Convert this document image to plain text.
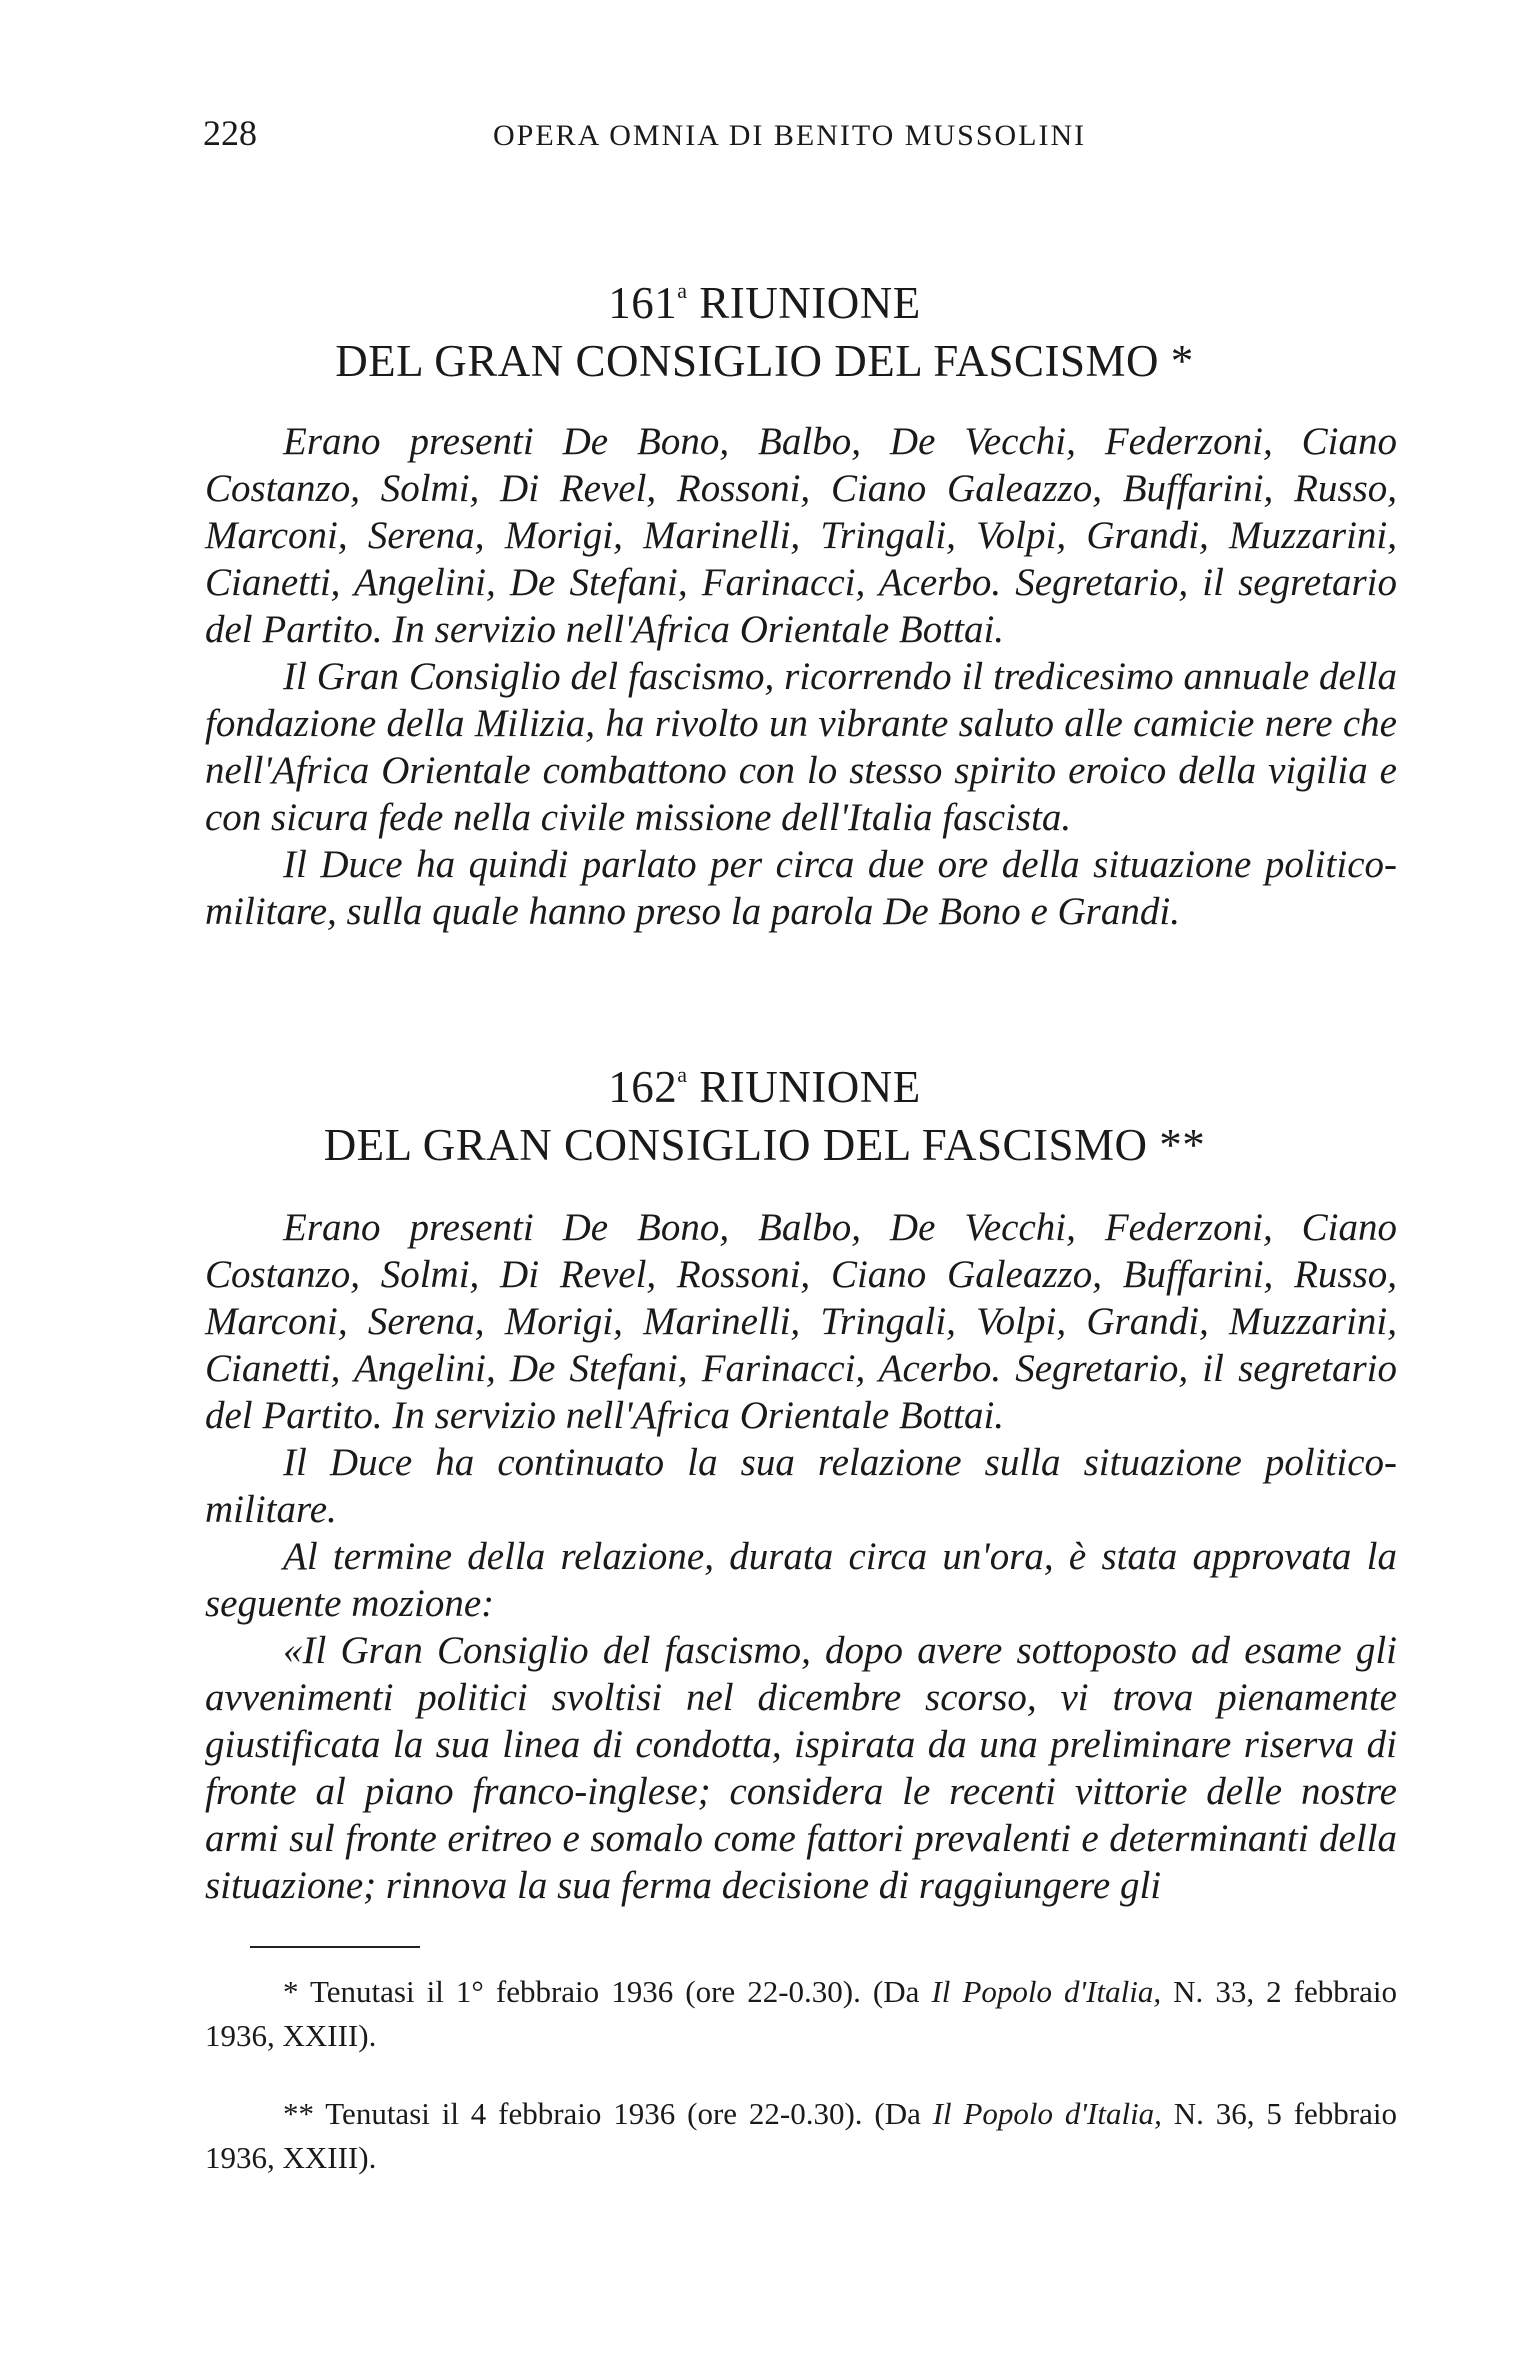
228	OPERA OMNIA DI BENITO MUSSOLINI
161$^a$ RIUNIONE
DEL GRAN CONSIGLIO DEL FASCISMO *

Erano presenti De Bono, Balbo, De Vecchi, Federzoni, Ciano Costanzo, Solmi, Di Revel, Rossoni, Ciano Galeazzo, Buffarini, Russo, Marconi, Serena, Morigi, Marinelli, Tringali, Volpi, Grandi, Muzzarini, Cianetti, Angelini, De Stefani, Farinacci, Acerbo. Segretario, il segretario del Partito. In servizio nell'Africa Orientale Bottai.

Il Gran Consiglio del fascismo, ricorrendo il tredicesimo annuale della fondazione della Milizia, ha rivolto un vibrante saluto alle camicie nere che nell'Africa Orientale combattono con lo stesso spirito eroico della vigilia e con sicura fede nella civile missione dell'Italia fascista.

Il Duce ha quindi parlato per circa due ore della situazione politico-militare, sulla quale hanno preso la parola De Bono e Grandi.

162$^a$ RIUNIONE
DEL GRAN CONSIGLIO DEL FASCISMO **

Erano presenti De Bono, Balbo, De Vecchi, Federzoni, Ciano Costanzo, Solmi, Di Revel, Rossoni, Ciano Galeazzo, Buffarini, Russo, Marconi, Serena, Morigi, Marinelli, Tringali, Volpi, Grandi, Muzzarini, Cianetti, Angelini, De Stefani, Farinacci, Acerbo. Segretario, il segretario del Partito. In servizio nell'Africa Orientale Bottai.

Il Duce ha continuato la sua relazione sulla situazione politico-militare.

Al termine della relazione, durata circa un'ora, è stata approvata la seguente mozione:

«Il Gran Consiglio del fascismo, dopo avere sottoposto ad esame gli avvenimenti politici svoltisi nel dicembre scorso, vi trova pienamente giustificata la sua linea di condotta, ispirata da una preliminare riserva di fronte al piano franco-inglese; considera le recenti vittorie delle nostre armi sul fronte eritreo e somalo come fattori prevalenti e determinanti della situazione; rinnova la sua ferma decisione di raggiungere gli

* Tenutasi il 1° febbraio 1936 (ore 22-0.30). (Da Il Popolo d'Italia, N. 33, 2 febbraio 1936, XXIII).

** Tenutasi il 4 febbraio 1936 (ore 22-0.30). (Da Il Popolo d'Italia, N. 36, 5 febbraio 1936, XXIII).
